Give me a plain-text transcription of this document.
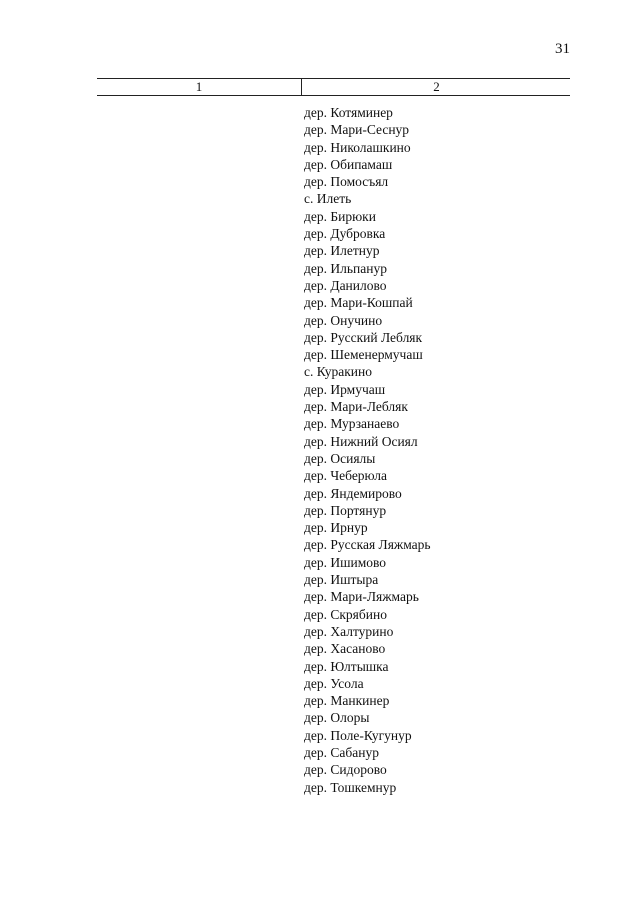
31
1	2
дер. Котяминер
дер. Мари-Сеснур
дер. Николашкино
дер. Обипамаш
дер. Помосъял
с. Илеть
дер. Бирюки
дер. Дубровка
дер. Илетнур
дер. Ильпанур
дер. Данилово
дер. Мари-Кошпай
дер. Онучино
дер. Русский Лебляк
дер. Шеменермучаш
с. Куракино
дер. Ирмучаш
дер. Мари-Лебляк
дер. Мурзанаево
дер. Нижний Осиял
дер. Осиялы
дер. Чеберюла
дер. Яндемирово
дер. Портянур
дер. Ирнур
дер. Русская Ляжмарь
дер. Ишимово
дер. Иштыра
дер. Мари-Ляжмарь
дер. Скрябино
дер. Халтурино
дер. Хасаново
дер. Юлтышка
дер. Усола
дер. Манкинер
дер. Олоры
дер. Поле-Кугунур
дер. Сабанур
дер. Сидорово
дер. Тошкемнур
